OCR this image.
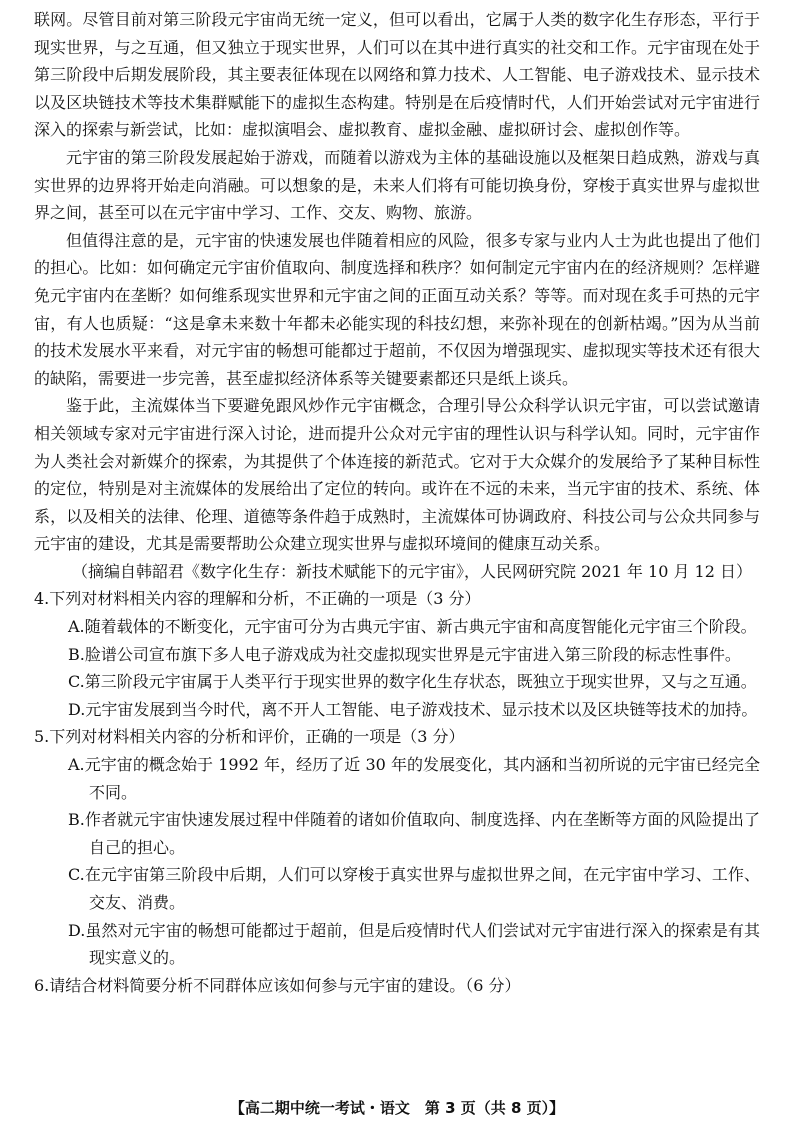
联网。尽管目前对第三阶段元宇宙尚无统一定义，但可以看出，它属于人类的数字化生存形态，平行于现实世界，与之互通，但又独立于现实世界，人们可以在其中进行真实的社交和工作。元宇宙现在处于第三阶段中后期发展阶段，其主要表征体现在以网络和算力技术、人工智能、电子游戏技术、显示技术以及区块链技术等技术集群赋能下的虚拟生态构建。特别是在后疫情时代，人们开始尝试对元宇宙进行深入的探索与新尝试，比如：虚拟演唱会、虚拟教育、虚拟金融、虚拟研讨会、虚拟创作等。

元宇宙的第三阶段发展起始于游戏，而随着以游戏为主体的基础设施以及框架日趋成熟，游戏与真实世界的边界将开始走向消融。可以想象的是，未来人们将有可能切换身份，穿梭于真实世界与虚拟世界之间，甚至可以在元宇宙中学习、工作、交友、购物、旅游。

但值得注意的是，元宇宙的快速发展也伴随着相应的风险，很多专家与业内人士为此也提出了他们的担心。比如：如何确定元宇宙价值取向、制度选择和秩序？如何制定元宇宙内在的经济规则？怎样避免元宇宙内在垄断？如何维系现实世界和元宇宙之间的正面互动关系？等等。而对现在炙手可热的元宇宙，有人也质疑：“这是拿未来数十年都未必能实现的科技幻想，来弥补现在的创新枯竭。”因为从当前的技术发展水平来看，对元宇宙的畅想可能都过于超前，不仅因为增强现实、虚拟现实等技术还有很大的缺陷，需要进一步完善，甚至虚拟经济体系等关键要素都还只是纸上谈兵。

鉴于此，主流媒体当下要避免跟风炒作元宇宙概念，合理引导公众科学认识元宇宙，可以尝试邀请相关领域专家对元宇宙进行深入讨论，进而提升公众对元宇宙的理性认识与科学认知。同时，元宇宙作为人类社会对新媒介的探索，为其提供了个体连接的新范式。它对于大众媒介的发展给予了某种目标性的定位，特别是对主流媒体的发展给出了定位的转向。或许在不远的未来，当元宇宙的技术、系统、体系，以及相关的法律、伦理、道德等条件趋于成熟时，主流媒体可协调政府、科技公司与公众共同参与元宇宙的建设，尤其是需要帮助公众建立现实世界与虚拟环境间的健康互动关系。

（摘编自韩韶君《数字化生存：新技术赋能下的元宇宙》，人民网研究院 2021 年 10 月 12 日）

4.下列对材料相关内容的理解和分析，不正确的一项是（3 分）

A.随着载体的不断变化，元宇宙可分为古典元宇宙、新古典元宇宙和高度智能化元宇宙三个阶段。

B.脸谱公司宣布旗下多人电子游戏成为社交虚拟现实世界是元宇宙进入第三阶段的标志性事件。

C.第三阶段元宇宙属于人类平行于现实世界的数字化生存状态，既独立于现实世界，又与之互通。

D.元宇宙发展到当今时代，离不开人工智能、电子游戏技术、显示技术以及区块链等技术的加持。

5.下列对材料相关内容的分析和评价，正确的一项是（3 分）

A.元宇宙的概念始于 1992 年，经历了近 30 年的发展变化，其内涵和当初所说的元宇宙已经完全不同。

B.作者就元宇宙快速发展过程中伴随着的诸如价值取向、制度选择、内在垄断等方面的风险提出了自己的担心。

C.在元宇宙第三阶段中后期，人们可以穿梭于真实世界与虚拟世界之间，在元宇宙中学习、工作、交友、消费。

D.虽然对元宇宙的畅想可能都过于超前，但是后疫情时代人们尝试对元宇宙进行深入的探索是有其现实意义的。

6.请结合材料简要分析不同群体应该如何参与元宇宙的建设。（6 分）

【高二期中统一考试・语文　第 3 页（共 8 页）】
